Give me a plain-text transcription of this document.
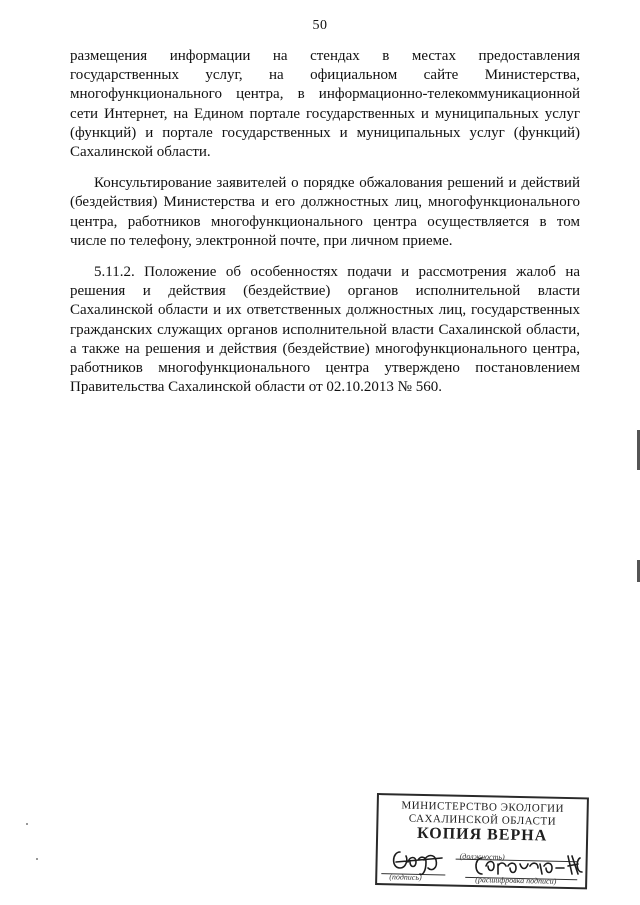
50

размещения информации на стендах в местах предоставления государственных услуг, на официальном сайте Министерства, многофункционального центра, в информационно-телекоммуникационной сети Интернет, на Едином портале государственных и муниципальных услуг (функций) и портале государственных и муниципальных услуг (функций) Сахалинской области.

Консультирование заявителей о порядке обжалования решений и действий (бездействия) Министерства и его должностных лиц, многофункционального центра, работников многофункционального центра осуществляется в том числе по телефону, электронной почте, при личном приеме.

5.11.2. Положение об особенностях подачи и рассмотрения жалоб на решения и действия (бездействие) органов исполнительной власти Сахалинской области и их ответственных должностных лиц, государственных гражданских служащих органов исполнительной власти Сахалинской области, а также на решения и действия (бездействие) многофункционального центра, работников многофункционального центра утверждено постановлением Правительства Сахалинской области от 02.10.2013 № 560.

МИНИСТЕРСТВО ЭКОЛОГИИ
САХАЛИНСКОЙ ОБЛАСТИ
КОПИЯ ВЕРНА
(должность)
(подпись)	(расшифровка подписи)
